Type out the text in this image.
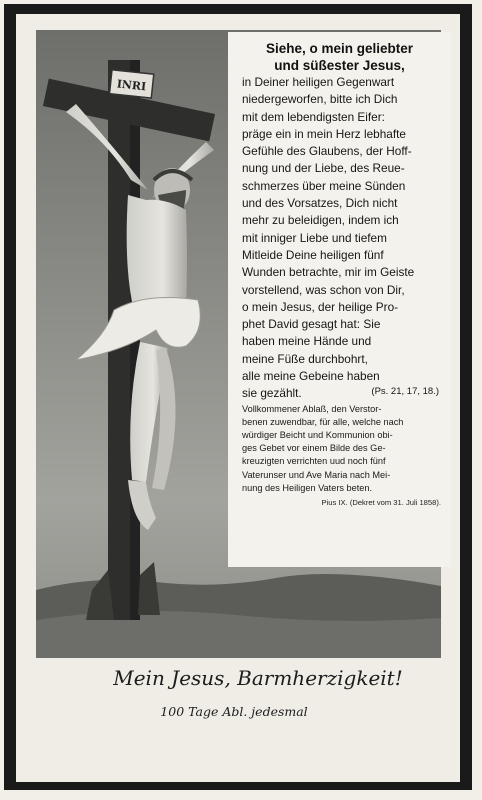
INRI
Siehe, o mein geliebter
und süßester Jesus,
in Deiner heiligen Gegenwart
niedergeworfen, bitte ich Dich
mit dem lebendigsten Eifer:
präge ein in mein Herz lebhafte
Gefühle des Glaubens, der Hoff-
nung und der Liebe, des Reue-
schmerzes über meine Sünden
und des Vorsatzes, Dich nicht
mehr zu beleidigen, indem ich
mit inniger Liebe und tiefem
Mitleide Deine heiligen fünf
Wunden betrachte, mir im Geiste
vorstellend, was schon von Dir,
o mein Jesus, der heilige Pro-
phet David gesagt hat: Sie
haben meine Hände und
meine Füße durchbohrt,
alle meine Gebeine haben
sie gezählt.	(Ps. 21, 17, 18.)
Vollkommener Ablaß, den Verstor-
benen zuwendbar, für alle, welche nach
würdiger Beicht und Kommunion obi-
ges Gebet vor einem Bilde des Ge-
kreuzigten verrichten uud noch fünf
Vaterunser und Ave Maria nach Mei-
nung des Heiligen Vaters beten.
Pius IX. (Dekret vom 31. Juli 1858).
Mein Jesus, Barmherzigkeit!
100 Tage Abl. jedesmal
